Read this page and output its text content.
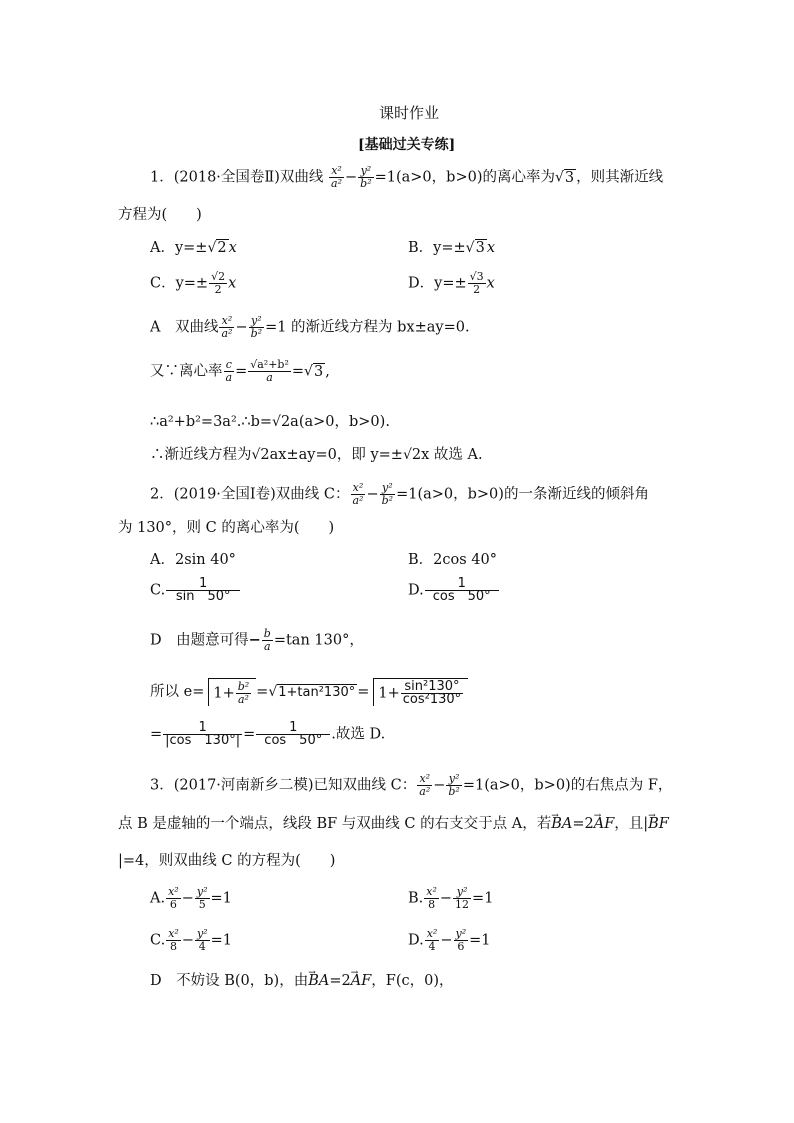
课时作业
[基础过关专练]
1．(2018·全国卷Ⅱ)双曲线 $\frac{\text{x²}}{\text{a²}} - \frac{\text{y²}}{\text{b²}} =1(a>0$，b>0)的离心率为√3 ，则其渐近线
方程为(　　)
A．y=±√2 x	B．y=±√3 x
C．$y=\pm \frac{√2}{2}$ x	D．$y=\pm \frac{√3}{2}$ x
A　双曲线 $\frac{\text{x²}}{\text{a²}} - \frac{\text{y²}}{\text{b²}} =1$ 的渐近线方程为 bx±ay=0.
又∵离心率 $\frac{c}{a} = \frac{\text{√a²+b²}}{a} =√3$ ,
∴a²+b²=3a².∴b=√2a(a>0，b>0).
∴渐近线方程为√2ax±ay=0，即 y=±√2x 故选 A.
2．(2019·全国Ⅰ卷)双曲线 C： $\frac{\text{x²}}{\text{a²}} - \frac{\text{y²}}{\text{b²}} =1(a>0$，b>0)的一条渐近线的倾斜角
为 130°，则 C 的离心率为(　　)
A．2sin 40°	B．2cos 40°
C. $\frac{1}{\sin 50^\circ}$	D. $\frac{1}{\cos 50^\circ}$
D　由题意可得− $\frac{b}{a} =\tan$ 130°，
所以 $e= 1+ \frac{\text{b²}}{\text{a²}} =√1+\tan^2130^\circ = 1+ \frac{\text{sin²130°}}{\text{cos²130°}}$
= $\frac{1}{|\cos 130^\circ|} = \frac{1}{\cos 50^\circ}$ .故选 D.
3．(2017·河南新乡二模)已知双曲线 C： $\frac{\text{x²}}{\text{a²}} - \frac{\text{y²}}{\text{b²}} =1(a>0$，b>0)的右焦点为 F，
点 B 是虚轴的一个端点，线段 BF 与双曲线 C 的右支交于点 A，若→ BA=2→ AF，且|→ BF
|=4，则双曲线 C 的方程为(　　)
A. $\frac{\text{x²}}{6} - \frac{\text{y²}}{5} =1$	B. $\frac{\text{x²}}{8} - \frac{\text{y²}}{12} =1$
C. $\frac{\text{x²}}{8} - \frac{\text{y²}}{4} =1$	D. $\frac{\text{x²}}{4} - \frac{\text{y²}}{6} =1$
D　不妨设 B(0，b)，由→ BA=2→ AF，F(c，0)，
